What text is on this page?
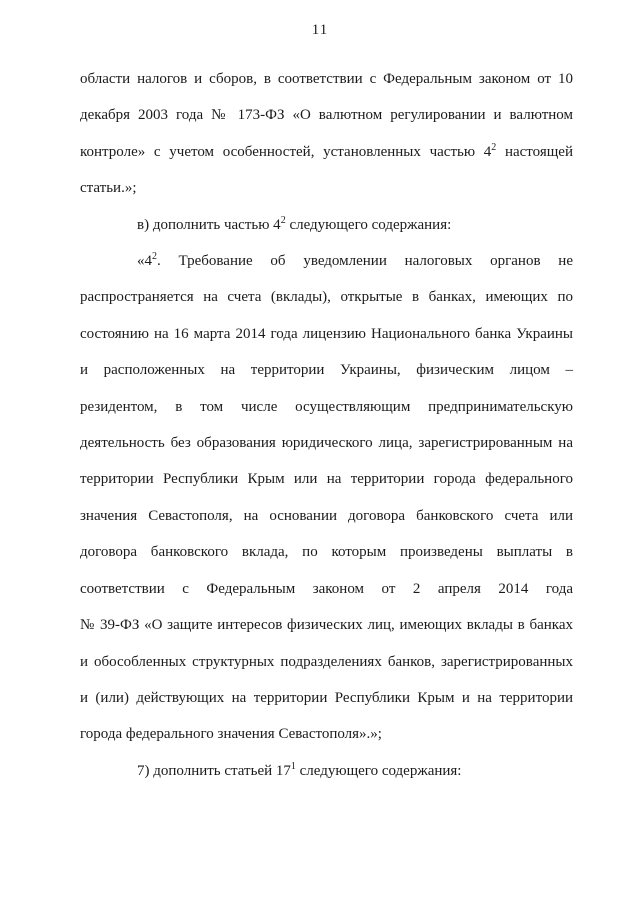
11
области налогов и сборов, в соответствии с Федеральным законом от 10
декабря 2003 года № 173-ФЗ «О валютном регулировании и валютном
контроле» с учетом особенностей, установленных частью $4^2$ настоящей
статьи.»;
в) дополнить частью $4^2$ следующего содержания:
«$4^2$. Требование об уведомлении налоговых органов не
распространяется на счета (вклады), открытые в банках, имеющих по
состоянию на 16 марта 2014 года лицензию Национального банка Украины
и расположенных на территории Украины, физическим лицом –
резидентом, в том числе осуществляющим предпринимательскую
деятельность без образования юридического лица, зарегистрированным на
территории Республики Крым или на территории города федерального
значения Севастополя, на основании договора банковского счета или
договора банковского вклада, по которым произведены выплаты в
соответствии с Федеральным законом от 2 апреля 2014 года
№ 39-ФЗ «О защите интересов физических лиц, имеющих вклады в банках
и обособленных структурных подразделениях банков, зарегистрированных
и (или) действующих на территории Республики Крым и на территории
города федерального значения Севастополя».»;
7) дополнить статьей $17^1$ следующего содержания:
